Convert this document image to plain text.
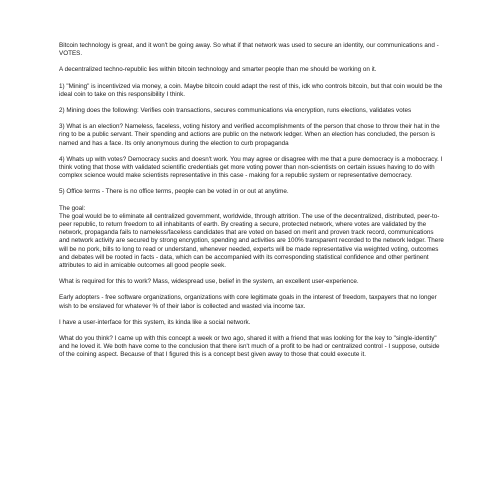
Bitcoin technology is great, and it won't be going away. So what if that network was used to secure an identity, our communications and - VOTES.

A decentralized techno-republic lies within bitcoin technology and smarter people than me should be working on it.

1) "Mining" is incentivized via money, a coin. Maybe bitcoin could adapt the rest of this, idk who controls bitcoin, but that coin would be the ideal coin to take on this responsibility I think.

2) Mining does the following: Verifies coin transactions, secures communications via encryption, runs elections, validates votes

3) What is an election? Nameless, faceless, voting history and verified accomplishments of the person that chose to throw their hat in the ring to be a public servant. Their spending and actions are public on the network ledger. When an election has concluded, the person is named and has a face. Its only anonymous during the election to curb propaganda

4) Whats up with votes? Democracy sucks and doesn't work. You may agree or disagree with me that a pure democracy is a mobocracy. I think voting that those with validated scientific credentials get more voting power than non-scientists on certain issues having to do with complex science would make scientists representative in this case - making for a republic system or representative democracy.

5) Office terms - There is no office terms, people can be voted in or out at anytime.

The goal:
The goal would be to eliminate all centralized government, worldwide, through attrition. The use of the decentralized, distributed, peer-to-peer republic, to return freedom to all inhabitants of earth. By creating a secure, protected network, where votes are validated by the network, propaganda fails to nameless/faceless candidates that are voted on based on merit and proven track record, communications and network activity are secured by strong encryption, spending and activities are 100% transparent recorded to the network ledger. There will be no pork, bills to long to read or understand, whenever needed, experts will be made representative via weighted voting, outcomes and debates will be rooted in facts - data, which can be accompanied with its corresponding statistical confidence and other pertinent attributes to aid in amicable outcomes all good people seek.

What is required for this to work? Mass, widespread use, belief in the system, an excellent user-experience.

Early adopters - free software organizations, organizations with core legitimate goals in the interest of freedom, taxpayers that no longer wish to be enslaved for whatever % of their labor is collected and wasted via income tax.

I have a user-interface for this system, its kinda like a social network.

What do you think? I came up with this concept a week or two ago, shared it with a friend that was looking for the key to "single-identity" and he loved it. We both have come to the conclusion that there isn't much of a profit to be had or centralized control - I suppose, outside of the coining aspect. Because of that I figured this is a concept best given away to those that could execute it.
